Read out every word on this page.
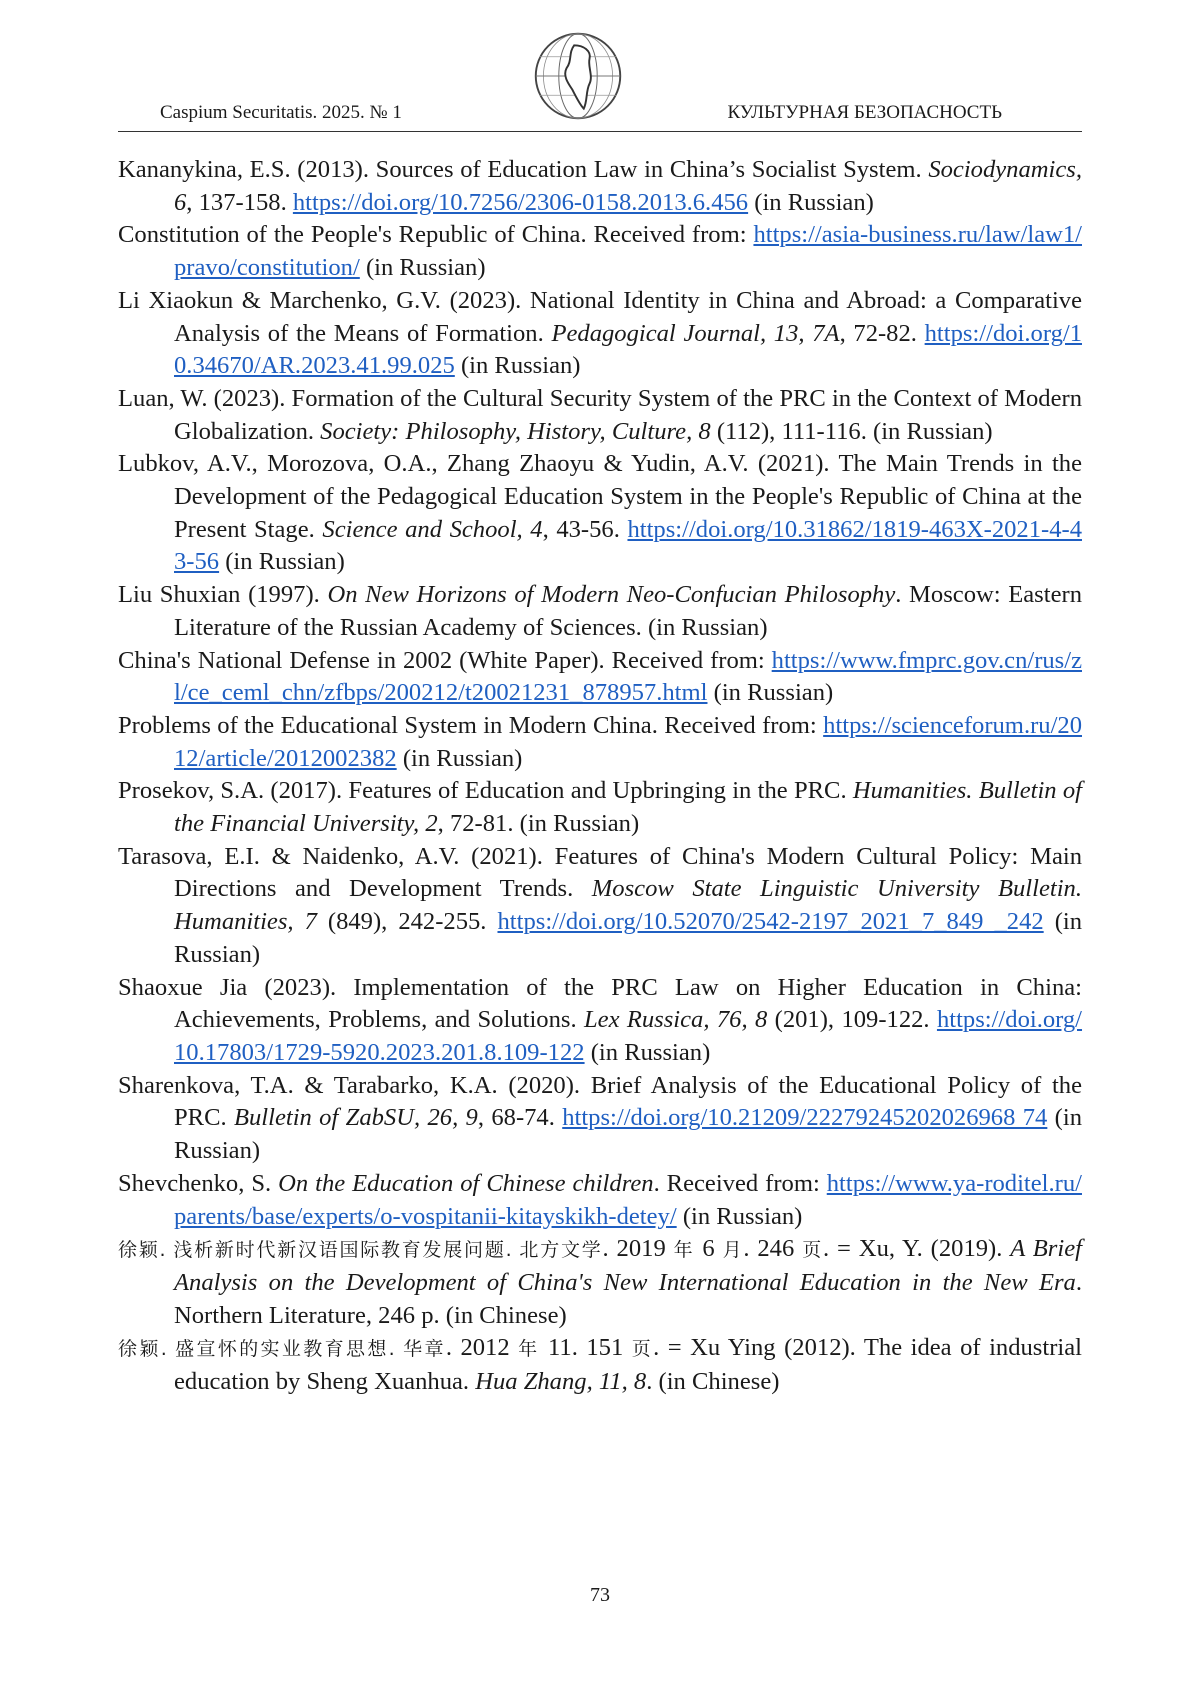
Caspium Securitatis. 2025. № 1	КУЛЬТУРНАЯ БЕЗОПАСНОСТЬ

Kananykina, E.S. (2013). Sources of Education Law in China’s Socialist System. Sociodynamics, 6, 137-158. https://doi.org/10.7256/2306-0158.2013.6.456 (in Russian)

Constitution of the People's Republic of China. Received from: https://asia-business.ru/law/law1/pravo/constitution/ (in Russian)

Li Xiaokun & Marchenko, G.V. (2023). National Identity in China and Abroad: a Comparative Analysis of the Means of Formation. Pedagogical Journal, 13, 7A, 72-82. https://doi.org/10.34670/AR.2023.41.99.025 (in Russian)

Luan, W. (2023). Formation of the Cultural Security System of the PRC in the Context of Modern Globalization. Society: Philosophy, History, Culture, 8 (112), 111-116. (in Russian)

Lubkov, A.V., Morozova, O.A., Zhang Zhaoyu & Yudin, A.V. (2021). The Main Trends in the Development of the Pedagogical Education System in the People's Republic of China at the Present Stage. Science and School, 4, 43-56. https://doi.org/10.31862/1819-463X-2021-4-43-56 (in Russian)

Liu Shuxian (1997). On New Horizons of Modern Neo-Confucian Philosophy. Moscow: Eastern Literature of the Russian Academy of Sciences. (in Russian)

China's National Defense in 2002 (White Paper). Received from: https://www.fmprc.gov.cn/rus/zl/ce_ceml_chn/zfbps/200212/t20021231_878957.html (in Russian)

Problems of the Educational System in Modern China. Received from: https://scienceforum.ru/2012/article/2012002382 (in Russian)

Prosekov, S.A. (2017). Features of Education and Upbringing in the PRC. Humanities. Bulletin of the Financial University, 2, 72-81. (in Russian)

Tarasova, E.I. & Naidenko, A.V. (2021). Features of China's Modern Cultural Policy: Main Directions and Development Trends. Moscow State Linguistic University Bulletin. Humanities, 7 (849), 242-255. https://doi.org/10.52070/2542-2197_2021_7_849 _242 (in Russian)

Shaoxue Jia (2023). Implementation of the PRC Law on Higher Education in China: Achievements, Problems, and Solutions. Lex Russica, 76, 8 (201), 109-122. https://doi.org/10.17803/1729-5920.2023.201.8.109-122 (in Russian)

Sharenkova, T.A. & Tarabarko, K.A. (2020). Brief Analysis of the Educational Policy of the PRC. Bulletin of ZabSU, 26, 9, 68-74. https://doi.org/10.21209/22279245202026968 74 (in Russian)

Shevchenko, S. On the Education of Chinese children. Received from: https://www.ya-roditel.ru/parents/base/experts/o-vospitanii-kitayskikh-detey/ (in Russian)

徐颖. 浅析新时代新汉语国际教育发展问题. 北方文学. 2019 年 6 月. 246 页. = Xu, Y. (2019). A Brief Analysis on the Development of China's New International Education in the New Era. Northern Literature, 246 p. (in Chinese)

徐颖. 盛宣怀的实业教育思想. 华章. 2012 年 11. 151 页. = Xu Ying (2012). The idea of industrial education by Sheng Xuanhua. Hua Zhang, 11, 8. (in Chinese)

73
